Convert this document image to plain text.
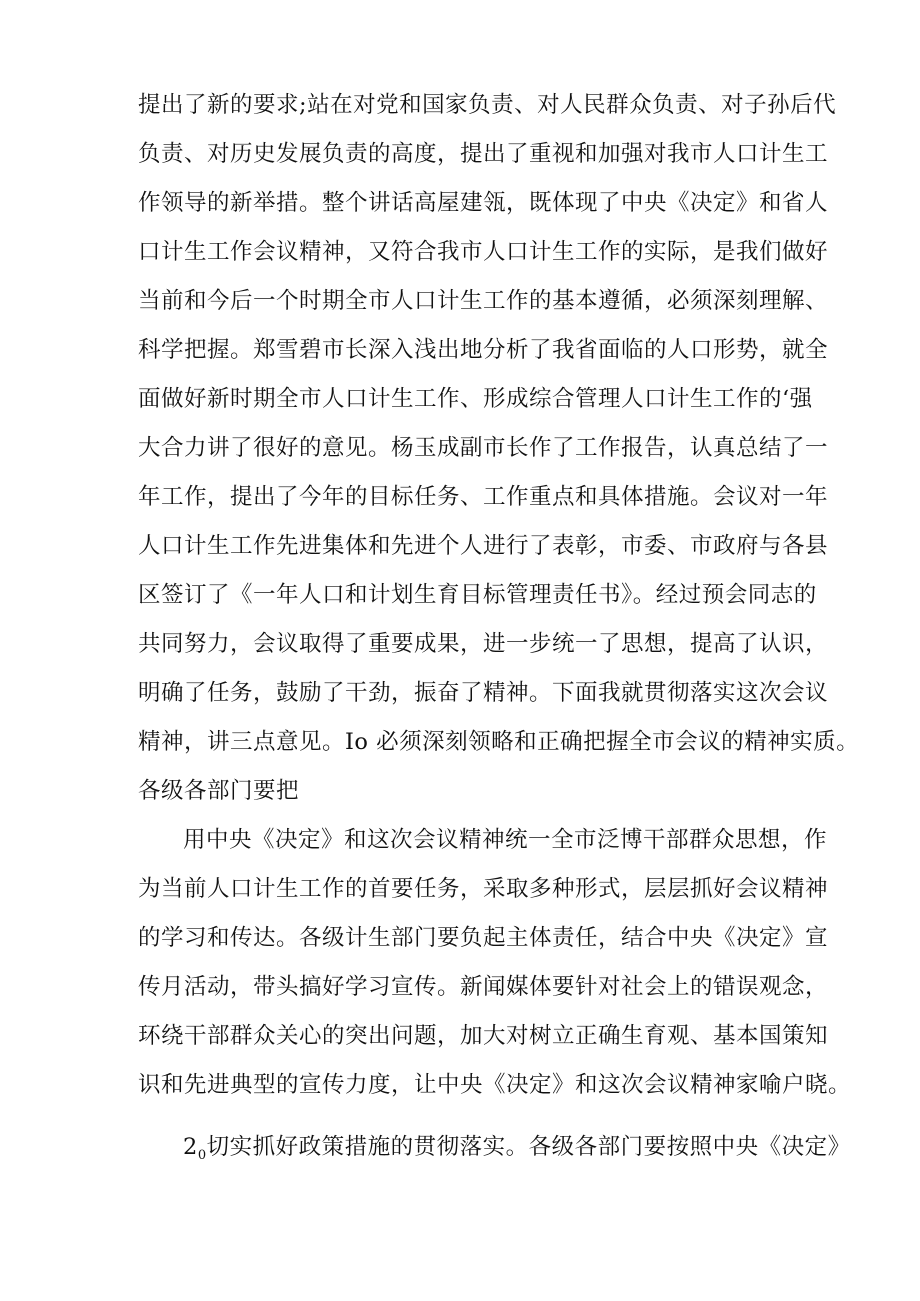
提出了新的要求;站在对党和国家负责、对人民群众负责、对子孙后代
负责、对历史发展负责的高度，提出了重视和加强对我市人口计生工
作领导的新举措。整个讲话高屋建瓴，既体现了中央《决定》和省人
口计生工作会议精神，又符合我市人口计生工作的实际，是我们做好
当前和今后一个时期全市人口计生工作的基本遵循，必须深刻理解、
科学把握。郑雪碧市长深入浅出地分析了我省面临的人口形势，就全
面做好新时期全市人口计生工作、形成综合管理人口计生工作的‘强
大合力讲了很好的意见。杨玉成副市长作了工作报告，认真总结了一
年工作，提出了今年的目标任务、工作重点和具体措施。会议对一年
人口计生工作先进集体和先进个人进行了表彰，市委、市政府与各县
区签订了《一年人口和计划生育目标管理责任书》。经过预会同志的
共同努力，会议取得了重要成果，进一步统一了思想，提高了认识，
明确了任务，鼓励了干劲，振奋了精神。下面我就贯彻落实这次会议
精神，讲三点意见。Io 必须深刻领略和正确把握全市会议的精神实质。
各级各部门要把
用中央《决定》和这次会议精神统一全市泛博干部群众思想，作
为当前人口计生工作的首要任务，采取多种形式，层层抓好会议精神
的学习和传达。各级计生部门要负起主体责任，结合中央《决定》宣
传月活动，带头搞好学习宣传。新闻媒体要针对社会上的错误观念，
环绕干部群众关心的突出问题，加大对树立正确生育观、基本国策知
识和先进典型的宣传力度，让中央《决定》和这次会议精神家喻户晓。
$2_0$切实抓好政策措施的贯彻落实。各级各部门要按照中央《决定》
